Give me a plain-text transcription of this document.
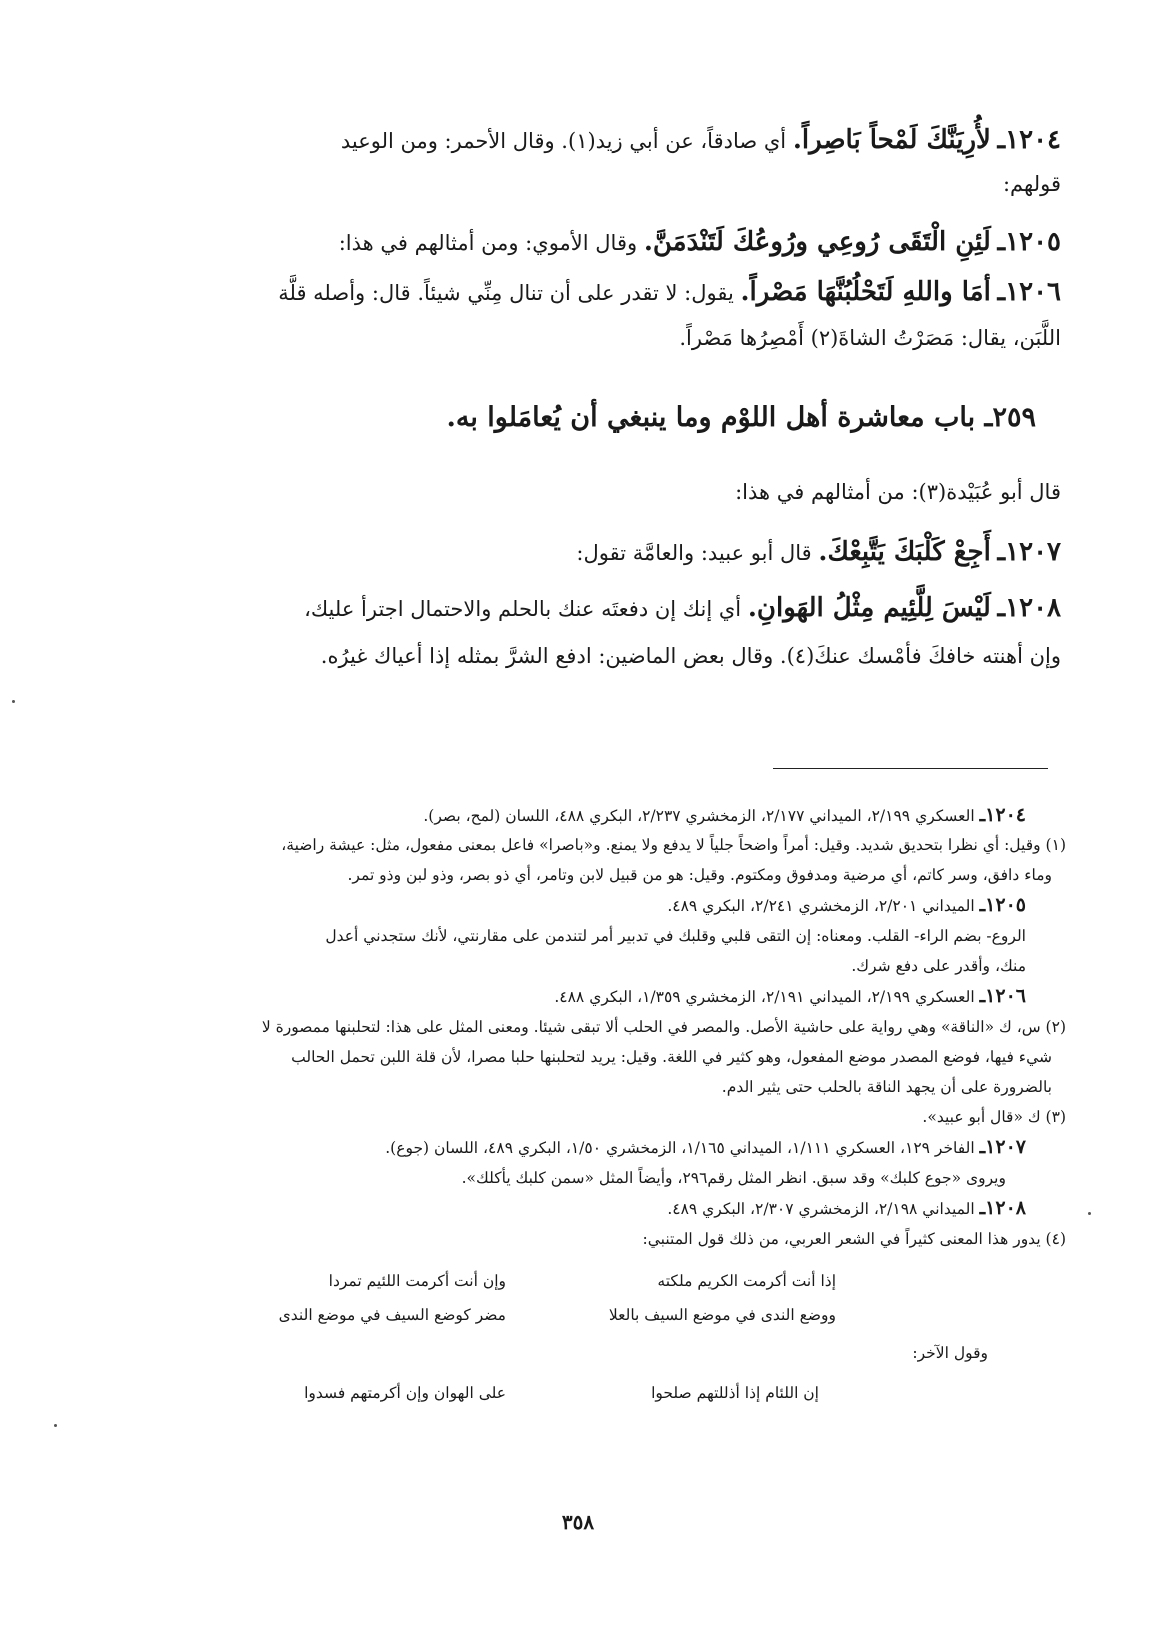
١٢٠٤ـ لأُرِيَنَّكَ لَمْحاً بَاصِراً. أي صادقاً، عن أبي زيد(١). وقال الأحمر: ومن الوعيد
قولهم:
١٢٠٥ـ لَئِنِ الْتَقَى رُوعِي ورُوعُكَ لَتَنْدَمَنَّ. وقال الأموي: ومن أمثالهم في هذا:
١٢٠٦ـ أمَا واللهِ لَتَحْلُبُنَّهَا مَصْراً. يقول: لا تقدر على أن تنال مِنِّي شيئاً. قال: وأصله قلَّة
اللَّبَن، يقال: مَصَرْتُ الشاةَ(٢) أَمْصِرُها مَصْراً.
٢٥٩ـ باب معاشرة أهل اللوْم وما ينبغي أن يُعامَلوا به.
قال أبو عُبَيْدة(٣): من أمثالهم في هذا:
١٢٠٧ـ أَجِعْ كَلْبَكَ يَتَّبِعْكَ. قال أبو عبيد: والعامَّة تقول:
١٢٠٨ـ لَيْسَ لِلَّئِيم مِثْلُ الهَوانِ. أي إنك إن دفعتَه عنك بالحلم والاحتمال اجترأ عليك،
وإن أهنته خافكَ فأمْسك عنكَ(٤). وقال بعض الماضين: ادفع الشرَّ بمثله إذا أعياك غيرُه.
١٢٠٤ـ العسكري ٢/١٩٩، الميداني ٢/١٧٧، الزمخشري ٢/٢٣٧، البكري ٤٨٨، اللسان (لمح، بصر).
(١) وقيل: أي نظرا بتحديق شديد. وقيل: أمراً واضحاً جلياً لا يدفع ولا يمنع. و«باصرا» فاعل بمعنى مفعول، مثل: عيشة راضية،
وماء دافق، وسر كاتم، أي مرضية ومدفوق ومكتوم. وقيل: هو من قبيل لابن وتامر، أي ذو بصر، وذو لبن وذو تمر.
١٢٠٥ـ الميداني ٢/٢٠١، الزمخشري ٢/٢٤١، البكري ٤٨٩.
الروع- بضم الراء- القلب. ومعناه: إن التقى قلبي وقلبك في تدبير أمر لتندمن على مقارنتي، لأنك ستجدني أعدل
منك، وأقدر على دفع شرك.
١٢٠٦ـ العسكري ٢/١٩٩، الميداني ٢/١٩١، الزمخشري ١/٣٥٩، البكري ٤٨٨.
(٢) س، ك «الناقة» وهي رواية على حاشية الأصل. والمصر في الحلب ألا تبقى شيئا. ومعنى المثل على هذا: لتحلبنها ممصورة لا
شيء فيها، فوضع المصدر موضع المفعول، وهو كثير في اللغة. وقيل: يريد لتحلبنها حلبا مصرا، لأن قلة اللبن تحمل الحالب
بالضرورة على أن يجهد الناقة بالحلب حتى يثير الدم.
(٣) ك «قال أبو عبيد».
١٢٠٧ـ الفاخر ١٢٩، العسكري ١/١١١، الميداني ١/١٦٥، الزمخشري ١/٥٠، البكري ٤٨٩، اللسان (جوع).
ويروى «جوع كلبك» وقد سبق. انظر المثل رقم٢٩٦، وأيضاً المثل «سمن كلبك يأكلك».
١٢٠٨ـ الميداني ٢/١٩٨، الزمخشري ٢/٣٠٧، البكري ٤٨٩.
(٤) يدور هذا المعنى كثيراً في الشعر العربي، من ذلك قول المتنبي:
إذا أنت أكرمت الكريم ملكته
وإن أنت أكرمت اللئيم تمردا
ووضع الندى في موضع السيف بالعلا
مضر كوضع السيف في موضع الندى
وقول الآخر:
إن اللئام إذا أذللتهم صلحوا
على الهوان وإن أكرمتهم فسدوا
٣٥٨
